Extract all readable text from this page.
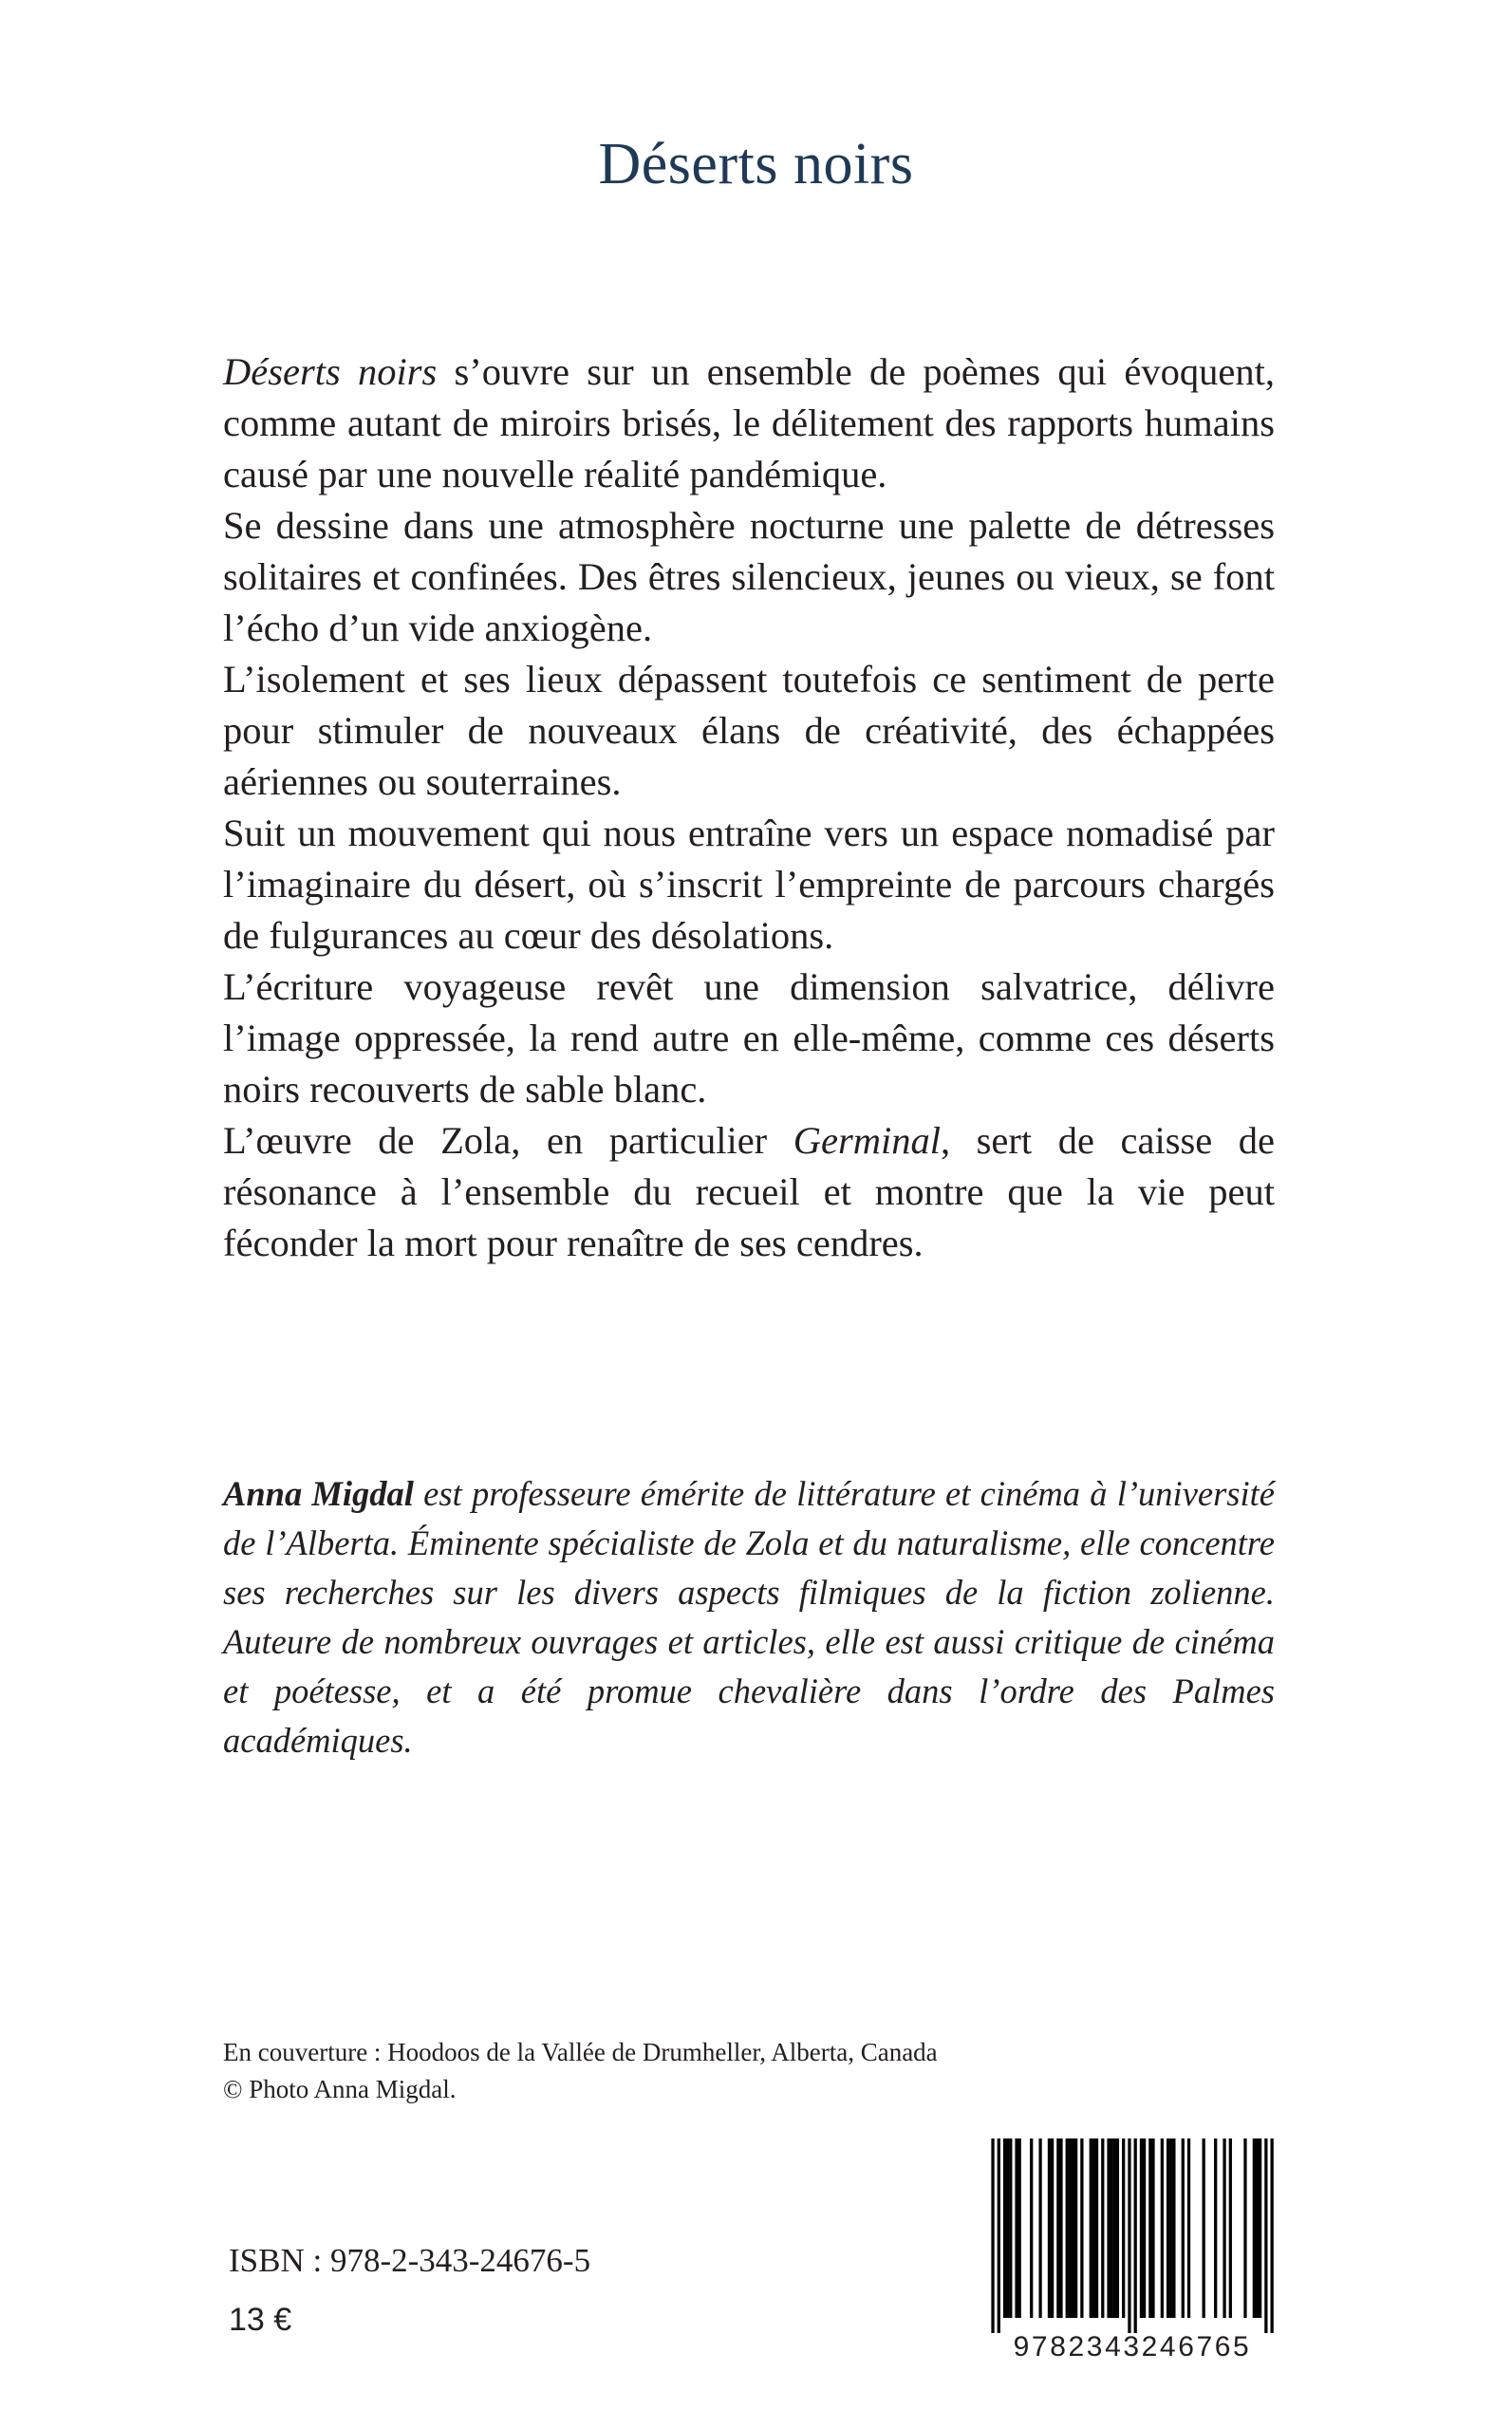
Déserts noirs

Déserts noirs s’ouvre sur un ensemble de poèmes qui évoquent, comme autant de miroirs brisés, le délitement des rapports humains causé par une nouvelle réalité pandémique.

Se dessine dans une atmosphère nocturne une palette de détresses solitaires et confinées. Des êtres silencieux, jeunes ou vieux, se font l’écho d’un vide anxiogène.

L’isolement et ses lieux dépassent toutefois ce sentiment de perte pour stimuler de nouveaux élans de créativité, des échappées aériennes ou souterraines.

Suit un mouvement qui nous entraîne vers un espace nomadisé par l’imaginaire du désert, où s’inscrit l’empreinte de parcours chargés de fulgurances au cœur des désolations.

L’écriture voyageuse revêt une dimension salvatrice, délivre l’image oppressée, la rend autre en elle-même, comme ces déserts noirs recouverts de sable blanc.

L’œuvre de Zola, en particulier Germinal, sert de caisse de résonance à l’ensemble du recueil et montre que la vie peut féconder la mort pour renaître de ses cendres.

Anna Migdal est professeure émérite de littérature et cinéma à l’université de l’Alberta. Éminente spécialiste de Zola et du naturalisme, elle concentre ses recherches sur les divers aspects filmiques de la fiction zolienne. Auteure de nombreux ouvrages et articles, elle est aussi critique de cinéma et poétesse, et a été promue chevalière dans l’ordre des Palmes académiques.

En couverture : Hoodoos de la Vallée de Drumheller, Alberta, Canada
© Photo Anna Migdal.
ISBN : 978-2-343-24676-5
13 €
9782343246765
